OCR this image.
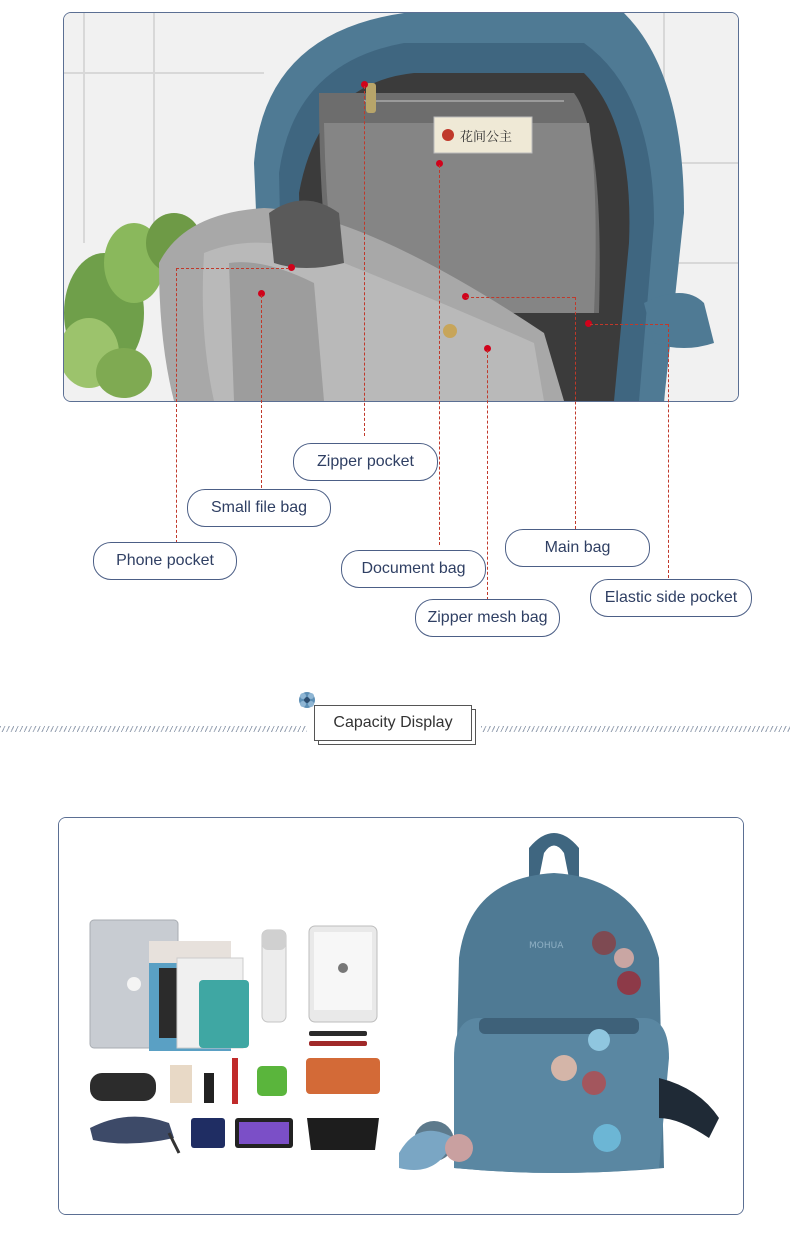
花间公主
Zipper pocket
Small file bag
Phone pocket	Document bag
Main bag
Zipper mesh bag
Elastic side pocket
Capacity Display
MOHUA
